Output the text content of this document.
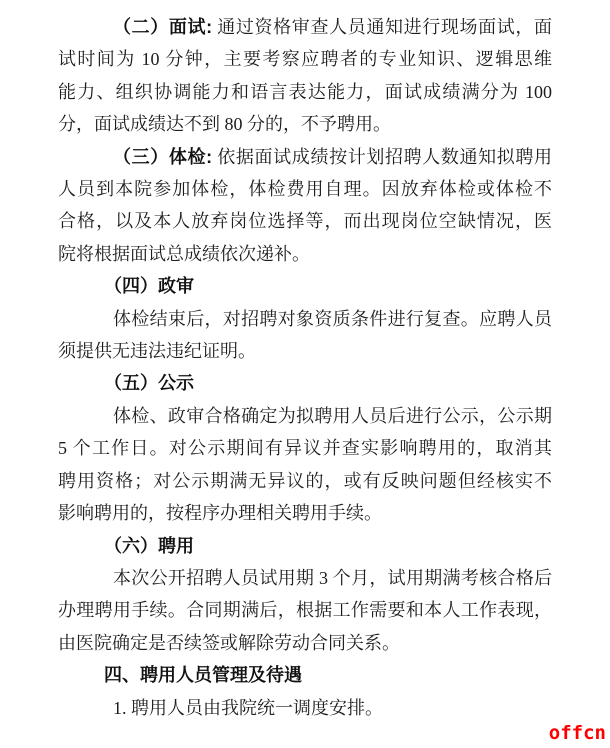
（二）面试: 通过资格审查人员通知进行现场面试，面
试时间为 10 分钟，主要考察应聘者的专业知识、逻辑思维
能力、组织协调能力和语言表达能力，面试成绩满分为 100
分，面试成绩达不到 80 分的，不予聘用。
（三）体检: 依据面试成绩按计划招聘人数通知拟聘用
人员到本院参加体检，体检费用自理。因放弃体检或体检不
合格，以及本人放弃岗位选择等，而出现岗位空缺情况，医
院将根据面试总成绩依次递补。
（四）政审
体检结束后，对招聘对象资质条件进行复查。应聘人员
须提供无违法违纪证明。
（五）公示
体检、政审合格确定为拟聘用人员后进行公示，公示期
5 个工作日。对公示期间有异议并查实影响聘用的，取消其
聘用资格；对公示期满无异议的，或有反映问题但经核实不
影响聘用的，按程序办理相关聘用手续。
（六）聘用
本次公开招聘人员试用期 3 个月，试用期满考核合格后
办理聘用手续。合同期满后，根据工作需要和本人工作表现，
由医院确定是否续签或解除劳动合同关系。
四、聘用人员管理及待遇
1. 聘用人员由我院统一调度安排。
offcn
